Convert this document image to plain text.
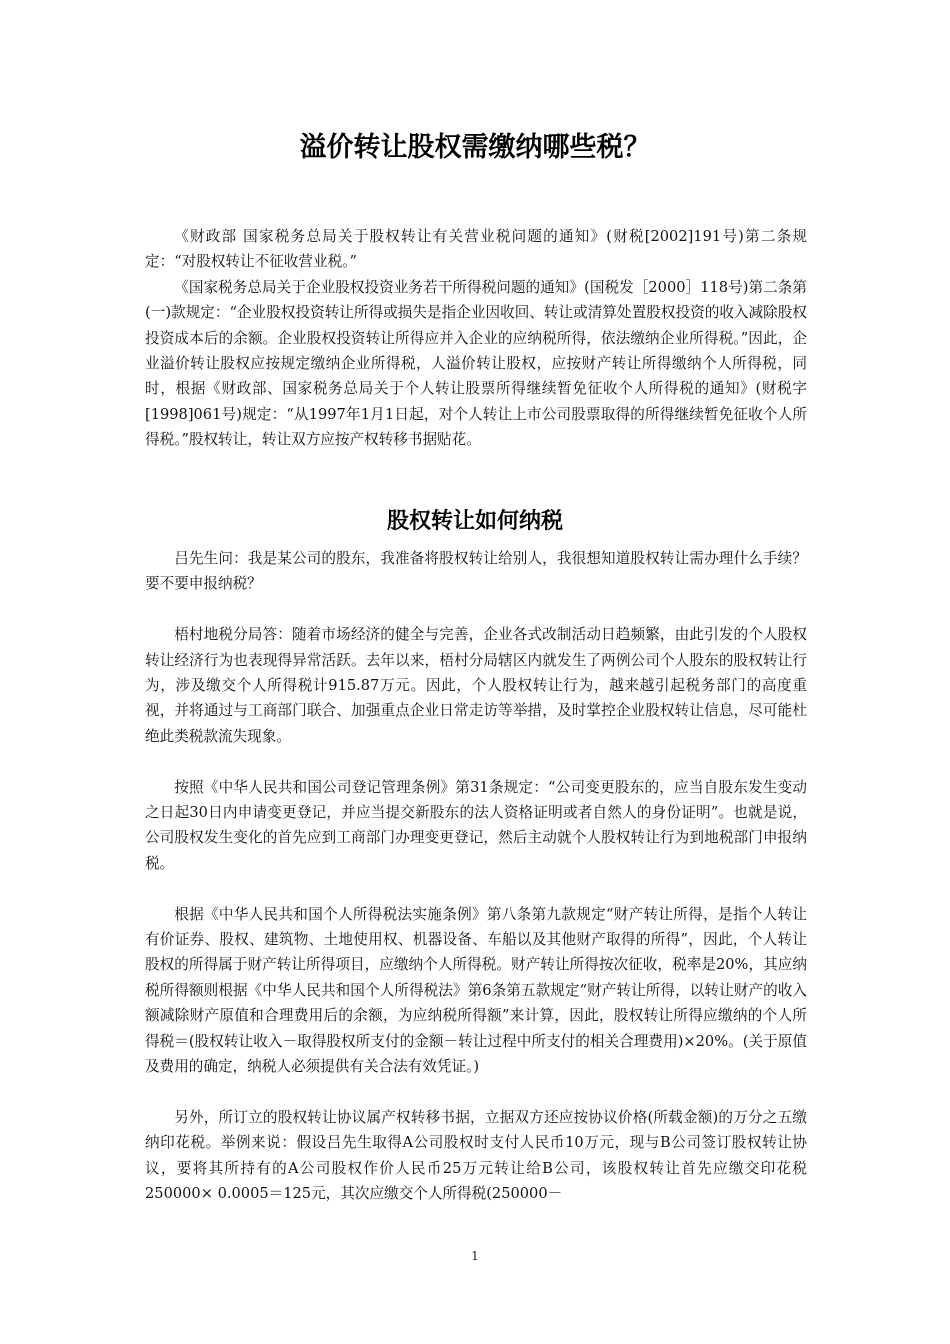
溢价转让股权需缴纳哪些税？

《财政部 国家税务总局关于股权转让有关营业税问题的通知》(财税[2002]191号)第二条规定：“对股权转让不征收营业税。”

《国家税务总局关于企业股权投资业务若干所得税问题的通知》(国税发［2000］118号)第二条第(一)款规定：“企业股权投资转让所得或损失是指企业因收回、转让或清算处置股权投资的收入减除股权投资成本后的余额。企业股权投资转让所得应并入企业的应纳税所得，依法缴纳企业所得税。”因此，企业溢价转让股权应按规定缴纳企业所得税，人溢价转让股权，应按财产转让所得缴纳个人所得税，同时，根据《财政部、国家税务总局关于个人转让股票所得继续暂免征收个人所得税的通知》(财税字[1998]061号)规定：“从1997年1月1日起，对个人转让上市公司股票取得的所得继续暂免征收个人所得税。”股权转让，转让双方应按产权转移书据贴花。

股权转让如何纳税

吕先生问：我是某公司的股东，我准备将股权转让给别人，我很想知道股权转让需办理什么手续？要不要申报纳税？

梧村地税分局答：随着市场经济的健全与完善，企业各式改制活动日趋频繁，由此引发的个人股权转让经济行为也表现得异常活跃。去年以来，梧村分局辖区内就发生了两例公司个人股东的股权转让行为，涉及缴交个人所得税计915.87万元。因此，个人股权转让行为，越来越引起税务部门的高度重视，并将通过与工商部门联合、加强重点企业日常走访等举措，及时掌控企业股权转让信息，尽可能杜绝此类税款流失现象。

按照《中华人民共和国公司登记管理条例》第31条规定：“公司变更股东的，应当自股东发生变动之日起30日内申请变更登记，并应当提交新股东的法人资格证明或者自然人的身份证明”。也就是说，公司股权发生变化的首先应到工商部门办理变更登记，然后主动就个人股权转让行为到地税部门申报纳税。

根据《中华人民共和国个人所得税法实施条例》第八条第九款规定“财产转让所得，是指个人转让有价证券、股权、建筑物、土地使用权、机器设备、车船以及其他财产取得的所得”，因此，个人转让股权的所得属于财产转让所得项目，应缴纳个人所得税。财产转让所得按次征收，税率是20%，其应纳税所得额则根据《中华人民共和国个人所得税法》第6条第五款规定“财产转让所得，以转让财产的收入额减除财产原值和合理费用后的余额，为应纳税所得额”来计算，因此，股权转让所得应缴纳的个人所得税＝(股权转让收入－取得股权所支付的金额－转让过程中所支付的相关合理费用)×20%。(关于原值及费用的确定，纳税人必须提供有关合法有效凭证。)

另外，所订立的股权转让协议属产权转移书据，立据双方还应按协议价格(所载金额)的万分之五缴纳印花税。举例来说：假设吕先生取得A公司股权时支付人民币10万元，现与B公司签订股权转让协议，要将其所持有的A公司股权作价人民币25万元转让给B公司，该股权转让首先应缴交印花税250000× 0.0005＝125元，其次应缴交个人所得税(250000－

1
